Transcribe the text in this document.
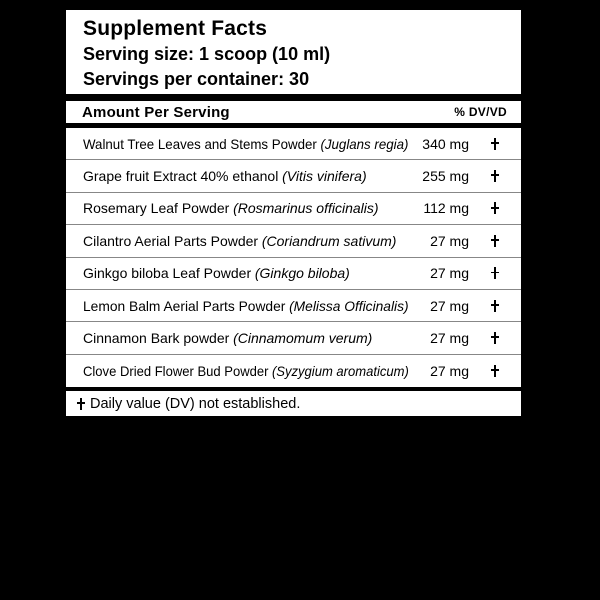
Supplement Facts
Serving size: 1 scoop (10 ml)
Servings per container: 30
Amount Per Serving	% DV/VD
Walnut Tree Leaves and Stems Powder (Juglans regia) 340 mg
Grape fruit Extract 40% ethanol (Vitis vinifera)	255 mg
Rosemary Leaf Powder (Rosmarinus officinalis)	112 mg
Cilantro Aerial Parts Powder (Coriandrum sativum)	27 mg
Ginkgo biloba Leaf Powder (Ginkgo biloba)	27 mg
Lemon Balm Aerial Parts Powder (Melissa Officinalis)	27 mg
Cinnamon Bark powder (Cinnamomum verum)	27 mg
Clove Dried Flower Bud Powder (Syzygium aromaticum)	27 mg
Daily value (DV) not established.
